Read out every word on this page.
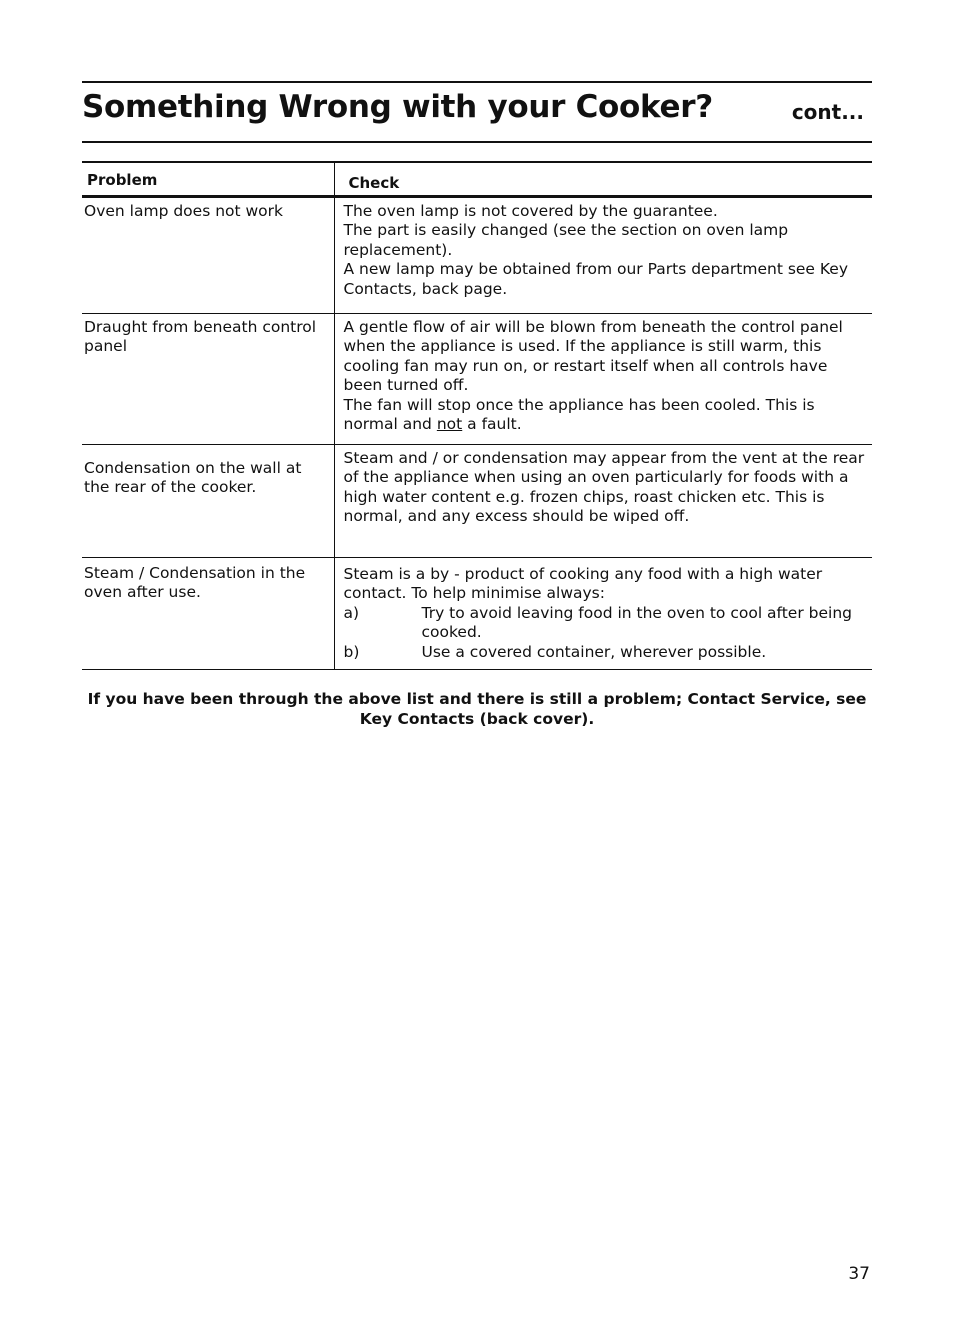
Something Wrong with your Cooker?	cont...
Problem	Check
Oven lamp does not work	The oven lamp is not covered by the guarantee.
The part is easily changed (see the section on oven lamp replacement).
A new lamp may be obtained from our Parts department see Key Contacts, back page.

Draught from beneath control panel	A gentle flow of air will be blown from beneath the control panel when the appliance is used. If the appliance is still warm, this cooling fan may run on, or restart itself when all controls have been turned off.
The fan will stop once the appliance has been cooled. This is normal and not a fault.

Condensation on the wall at the rear of the cooker.	Steam and / or condensation may appear from the vent at the rear of the appliance when using an oven particularly for foods with a high water content e.g. frozen chips, roast chicken etc. This is normal, and any excess should be wiped off.

Steam / Condensation in the oven after use.	Steam is a by - product of cooking any food with a high water contact. To help minimise always:
a) Try to avoid leaving food in the oven to cool after being cooked.
b) Use a covered container, wherever possible.
If you have been through the above list and there is still a problem; Contact Service, see Key Contacts (back cover).
37
